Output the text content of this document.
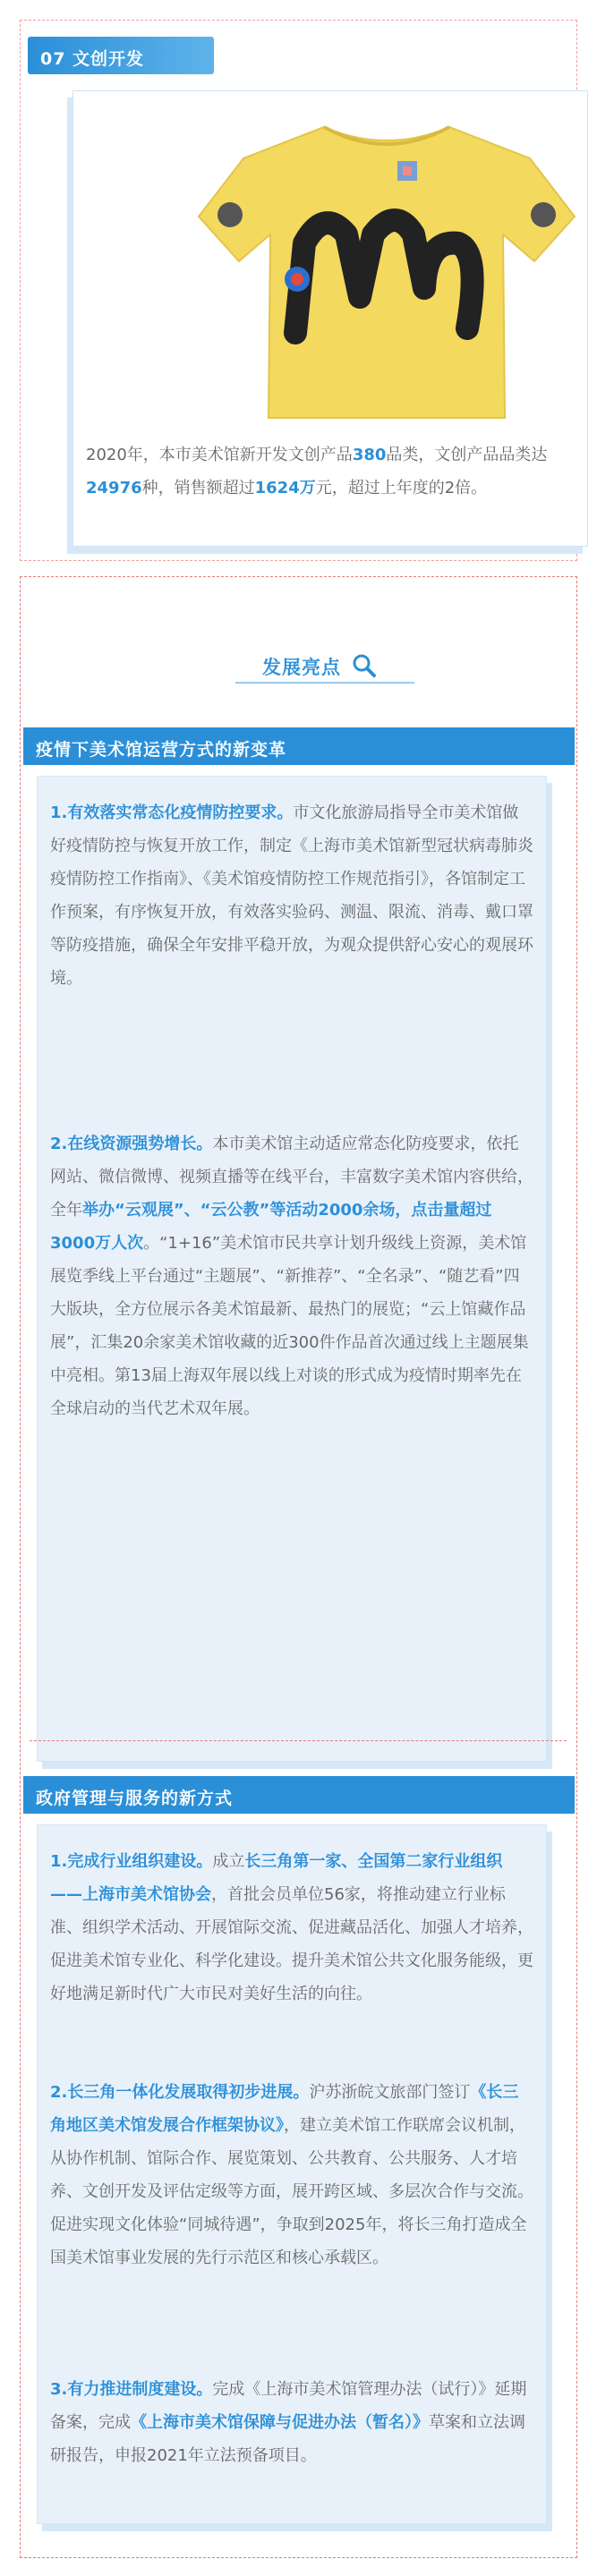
07 文创开发

2020年，本市美术馆新开发文创产品380品类，文创产品品类达24976种，销售额超过1624万元，超过上年度的2倍。

发展亮点
疫情下美术馆运营方式的新变革

1.有效落实常态化疫情防控要求。市文化旅游局指导全市美术馆做好疫情防控与恢复开放工作，制定《上海市美术馆新型冠状病毒肺炎疫情防控工作指南》、《美术馆疫情防控工作规范指引》，各馆制定工作预案，有序恢复开放，有效落实验码、测温、限流、消毒、戴口罩等防疫措施，确保全年安排平稳开放，为观众提供舒心安心的观展环境。

2.在线资源强势增长。本市美术馆主动适应常态化防疫要求，依托网站、微信微博、视频直播等在线平台，丰富数字美术馆内容供给，全年举办“云观展”、“云公教”等活动2000余场，点击量超过3000万人次。“1+16”美术馆市民共享计划升级线上资源，美术馆展览季线上平台通过“主题展”、“新推荐”、“全名录”、“随艺看”四大版块，全方位展示各美术馆最新、最热门的展览；“云上馆藏作品展”，汇集20余家美术馆收藏的近300件作品首次通过线上主题展集中亮相。第13届上海双年展以线上对谈的形式成为疫情时期率先在全球启动的当代艺术双年展。

政府管理与服务的新方式

1.完成行业组织建设。成立长三角第一家、全国第二家行业组织——上海市美术馆协会，首批会员单位56家，将推动建立行业标准、组织学术活动、开展馆际交流、促进藏品活化、加强人才培养，促进美术馆专业化、科学化建设。提升美术馆公共文化服务能级，更好地满足新时代广大市民对美好生活的向往。

2.长三角一体化发展取得初步进展。沪苏浙皖文旅部门签订《长三角地区美术馆发展合作框架协议》，建立美术馆工作联席会议机制，从协作机制、馆际合作、展览策划、公共教育、公共服务、人才培养、文创开发及评估定级等方面，展开跨区域、多层次合作与交流。促进实现文化体验“同城待遇”，争取到2025年，将长三角打造成全国美术馆事业发展的先行示范区和核心承载区。

3.有力推进制度建设。完成《上海市美术馆管理办法（试行）》延期备案，完成《上海市美术馆保障与促进办法（暂名）》草案和立法调研报告，申报2021年立法预备项目。
